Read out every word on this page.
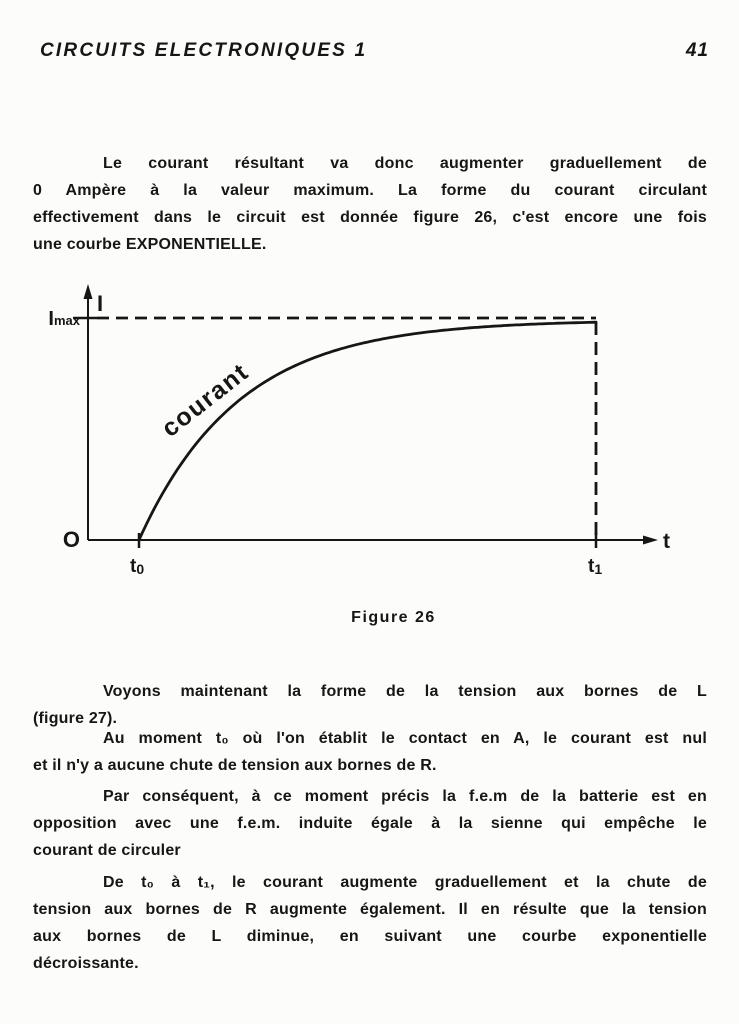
CIRCUITS ELECTRONIQUES 1	41
Le courant résultant va donc augmenter graduellement de
0 Ampère à la valeur maximum. La forme du courant circulant
effectivement dans le circuit est donnée figure 26, c'est encore une fois
une courbe EXPONENTIELLE.
I
Imax
t
O
t0	t1
courant
Figure 26
Voyons maintenant la forme de la tension aux bornes de L
(figure 27).
Au moment t₀ où l'on établit le contact en A, le courant est nul
et il n'y a aucune chute de tension aux bornes de R.
Par conséquent, à ce moment précis la f.e.m de la batterie est en
opposition avec une f.e.m. induite égale à la sienne qui empêche le
courant de circuler
De t₀ à t₁, le courant augmente graduellement et la chute de
tension aux bornes de R augmente également. Il en résulte que la tension
aux bornes de L diminue, en suivant une courbe exponentielle
décroissante.
